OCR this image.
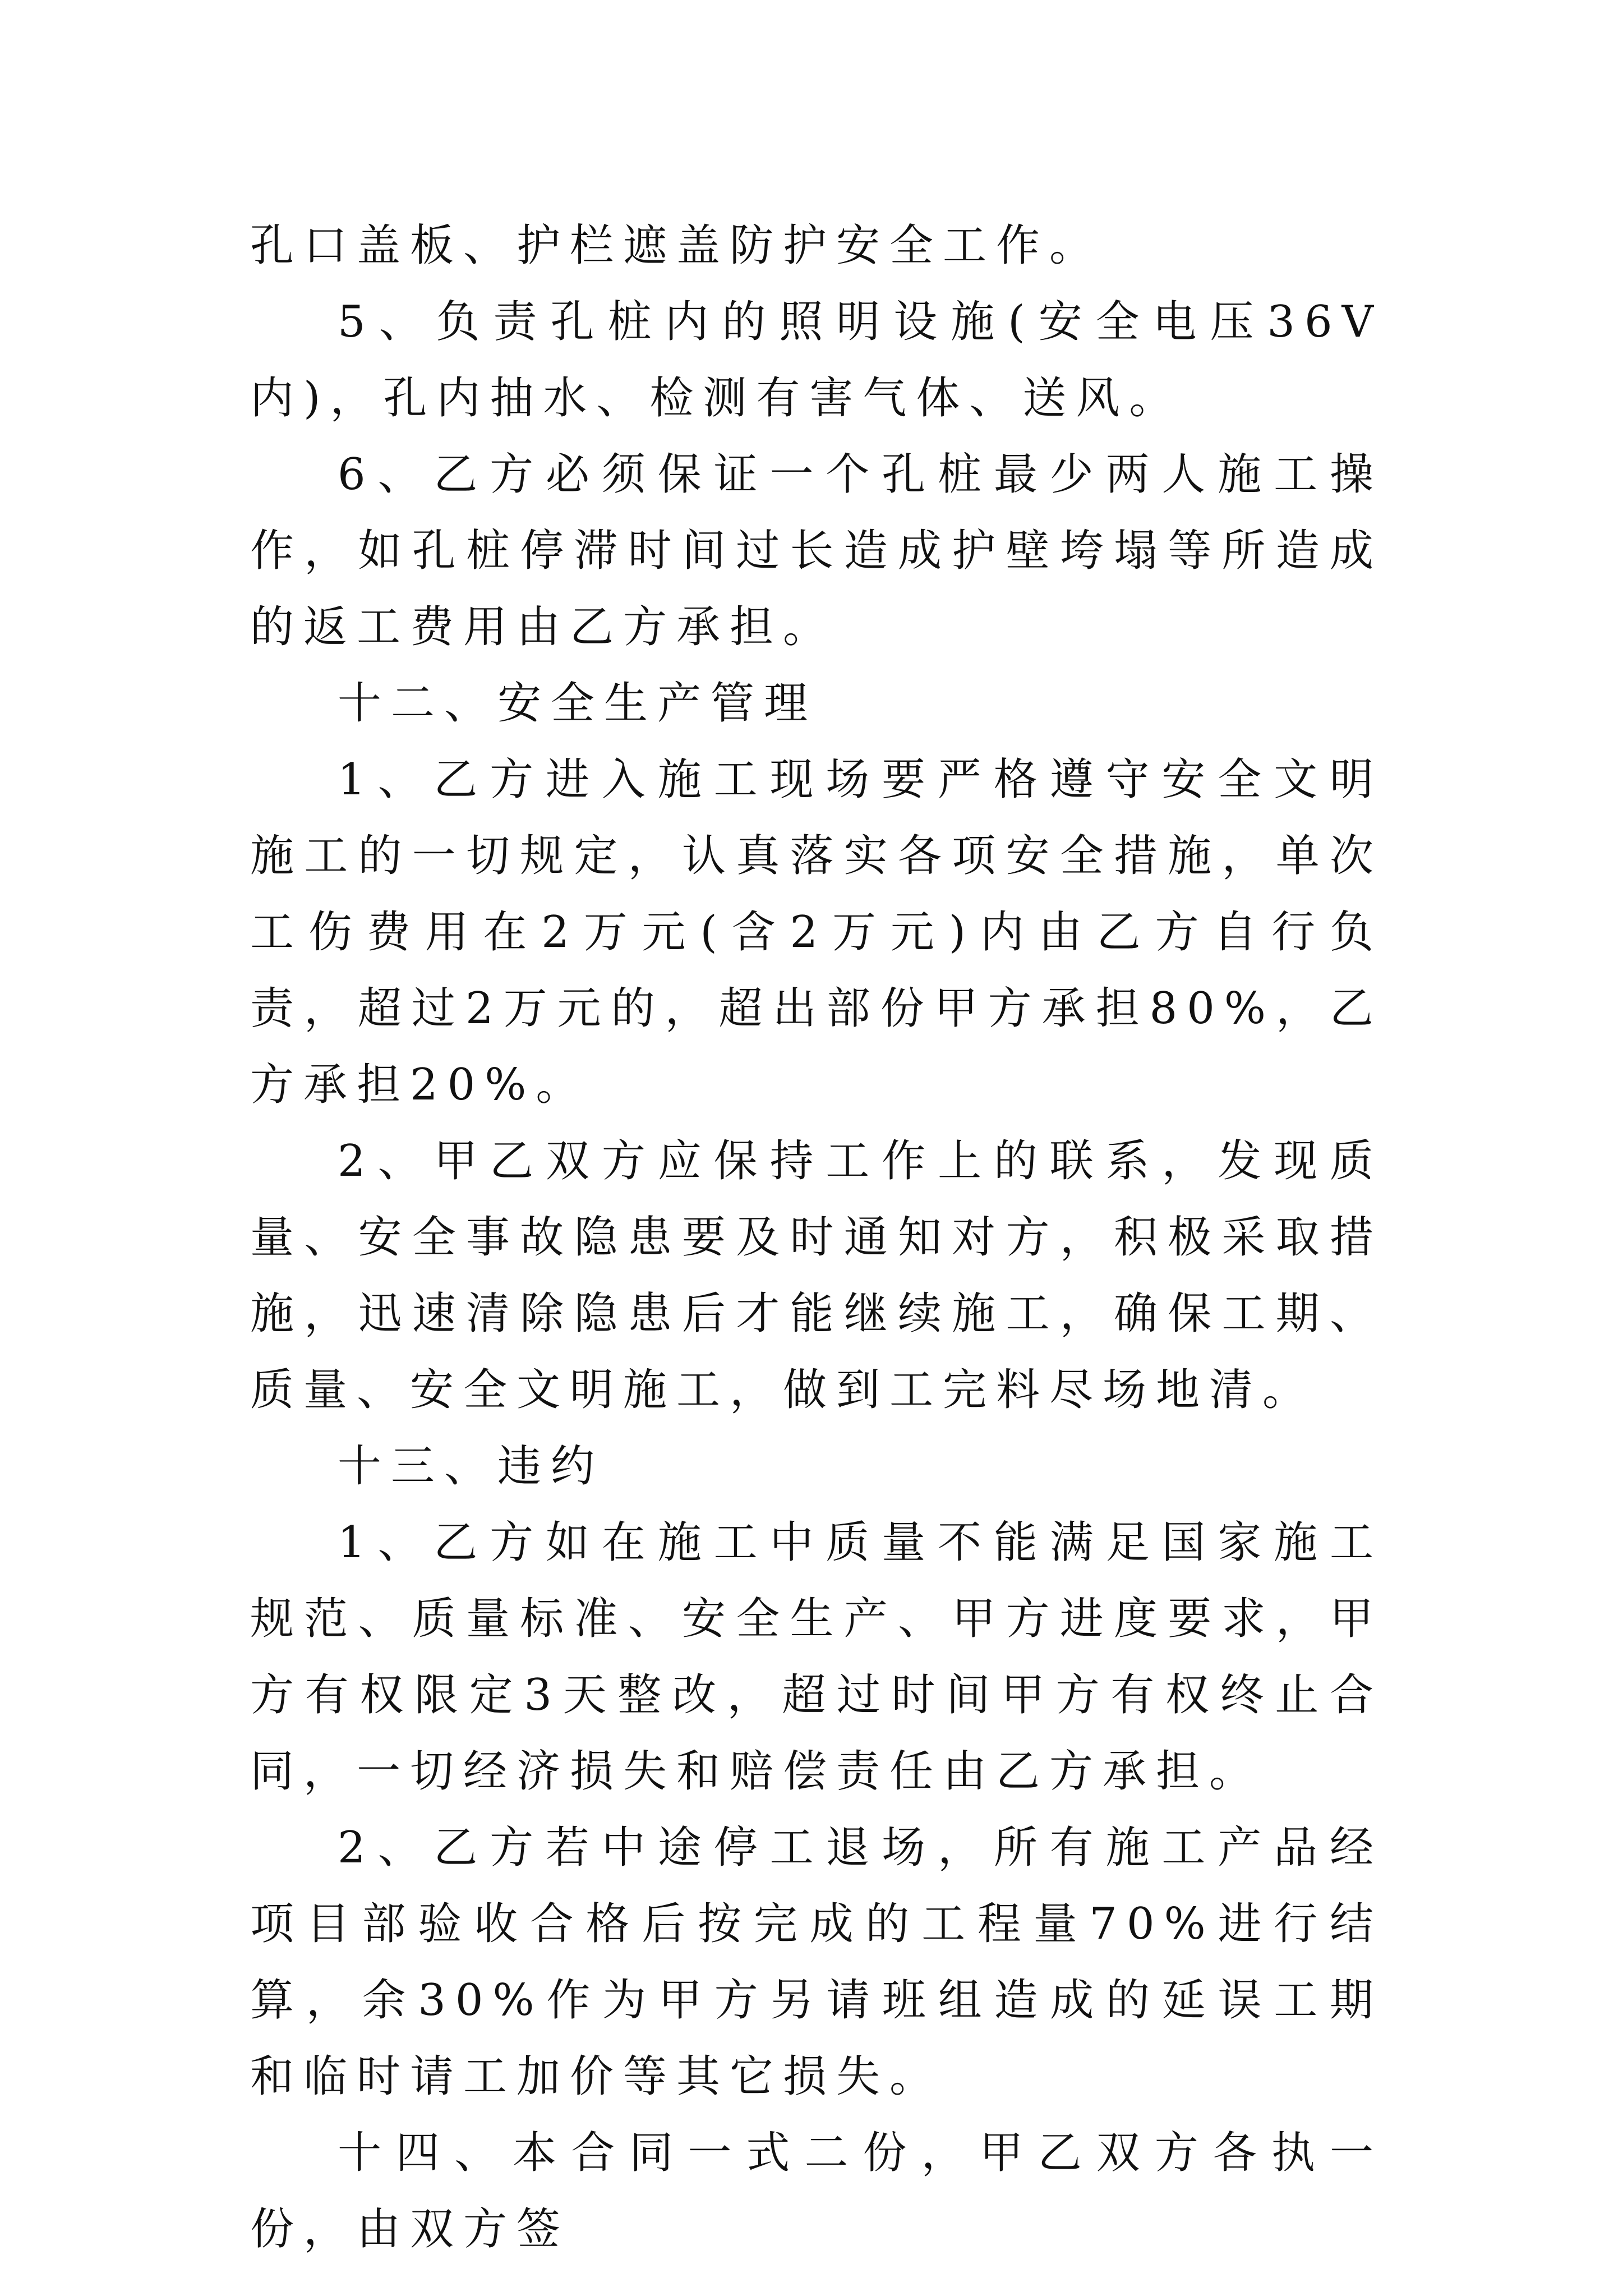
孔口盖板、护栏遮盖防护安全工作。

5、负责孔桩内的照明设施(安全电压36V内)，孔内抽水、检测有害气体、送风。

6、乙方必须保证一个孔桩最少两人施工操作，如孔桩停滞时间过长造成护壁垮塌等所造成的返工费用由乙方承担。

十二、安全生产管理

1、乙方进入施工现场要严格遵守安全文明施工的一切规定，认真落实各项安全措施，单次工伤费用在2万元(含2万元)内由乙方自行负责，超过2万元的，超出部份甲方承担80%，乙方承担20%。

2、甲乙双方应保持工作上的联系，发现质量、安全事故隐患要及时通知对方，积极采取措施，迅速清除隐患后才能继续施工，确保工期、质量、安全文明施工，做到工完料尽场地清。

十三、违约

1、乙方如在施工中质量不能满足国家施工规范、质量标准、安全生产、甲方进度要求，甲方有权限定3天整改，超过时间甲方有权终止合同，一切经济损失和赔偿责任由乙方承担。

2、乙方若中途停工退场，所有施工产品经项目部验收合格后按完成的工程量70%进行结算，余30%作为甲方另请班组造成的延误工期和临时请工加价等其它损失。

十四、本合同一式二份，甲乙双方各执一份，由双方签
